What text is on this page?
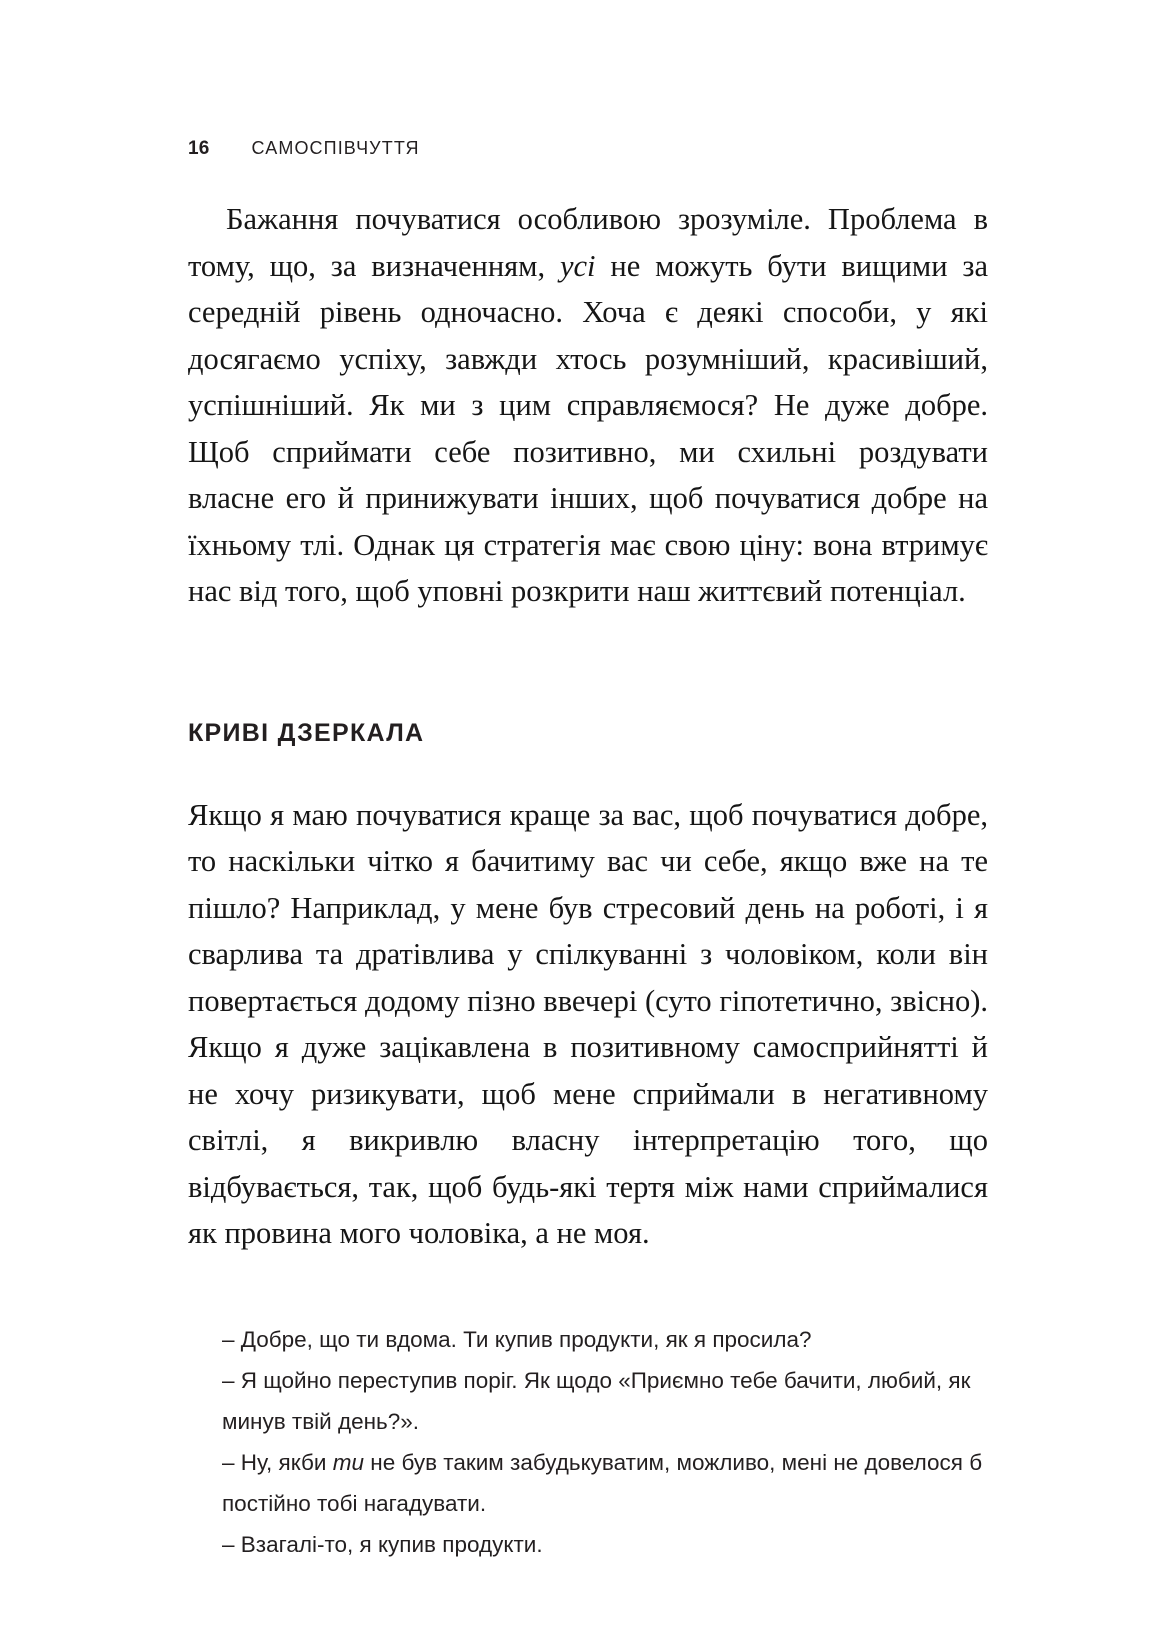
16 САМОСПІВЧУТТЯ

Бажання почуватися особливою зрозуміле. Проблема в тому, що, за визначенням, усі не можуть бути вищими за середній рівень одночасно. Хоча є деякі способи, у які досягаємо успіху, завжди хтось розумніший, красивіший, успішніший. Як ми з цим справляємося? Не дуже добре. Щоб сприймати себе позитивно, ми схильні роздувати власне его й принижувати інших, щоб почуватися добре на їхньому тлі. Однак ця стратегія має свою ціну: вона втримує нас від того, щоб уповні розкрити наш життєвий потенціал.

КРИВІ ДЗЕРКАЛА

Якщо я маю почуватися краще за вас, щоб почуватися добре, то наскільки чітко я бачитиму вас чи себе, якщо вже на те пішло? Наприклад, у мене був стресовий день на роботі, і я сварлива та дратівлива у спілкуванні з чоловіком, коли він повертається додому пізно ввечері (суто гіпотетично, звісно). Якщо я дуже зацікавлена в позитивному самосприйнятті й не хочу ризикувати, щоб мене сприймали в негативному світлі, я викривлю власну інтерпретацію того, що відбувається, так, щоб будь-які тертя між нами сприймалися як провина мого чоловіка, а не моя.

– Добре, що ти вдома. Ти купив продукти, як я просила?

– Я щойно переступив поріг. Як щодо «Приємно тебе бачити, любий, як минув твій день?».

– Ну, якби ти не був таким забудькуватим, можливо, мені не довелося б постійно тобі нагадувати.

– Взагалі-то, я купив продукти.
